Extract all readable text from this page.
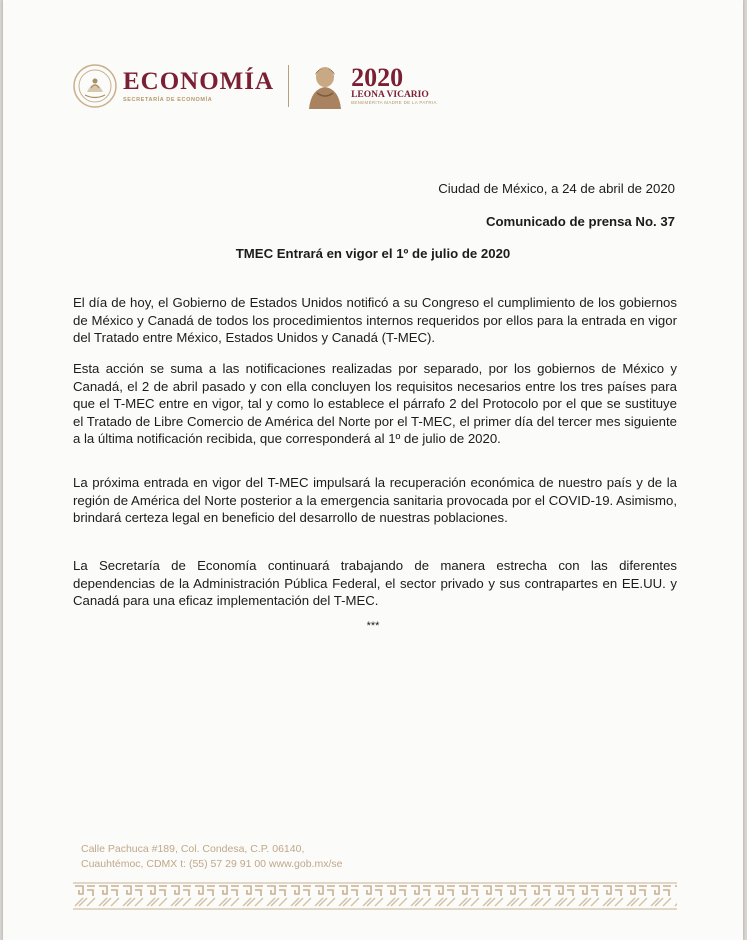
ECONOMÍA
SECRETARÍA DE ECONOMÍA
2020
LEONA VICARIO
BENEMÉRITA MADRE DE LA PATRIA
Ciudad de México, a 24 de abril de 2020
Comunicado de prensa No. 37
TMEC Entrará en vigor el 1º de julio de 2020

El día de hoy, el Gobierno de Estados Unidos notificó a su Congreso el cumplimiento de los gobiernos de México y Canadá de todos los procedimientos internos requeridos por ellos para la entrada en vigor del Tratado entre México, Estados Unidos y Canadá (T-MEC).

Esta acción se suma a las notificaciones realizadas por separado, por los gobiernos de México y Canadá, el 2 de abril pasado y con ella concluyen los requisitos necesarios entre los tres países para que el T-MEC entre en vigor, tal y como lo establece el párrafo 2 del Protocolo por el que se sustituye el Tratado de Libre Comercio de América del Norte por el T-MEC, el primer día del tercer mes siguiente a la última notificación recibida, que corresponderá al 1º de julio de 2020.

La próxima entrada en vigor del T-MEC impulsará la recuperación económica de nuestro país y de la región de América del Norte posterior a la emergencia sanitaria provocada por el COVID-19. Asimismo, brindará certeza legal en beneficio del desarrollo de nuestras poblaciones.

La Secretaría de Economía continuará trabajando de manera estrecha con las diferentes dependencias de la Administración Pública Federal, el sector privado y sus contrapartes en EE.UU. y Canadá para una eficaz implementación del T-MEC.

***
Calle Pachuca #189, Col. Condesa, C.P. 06140,
Cuauhtémoc, CDMX t: (55) 57 29 91 00 www.gob.mx/se
